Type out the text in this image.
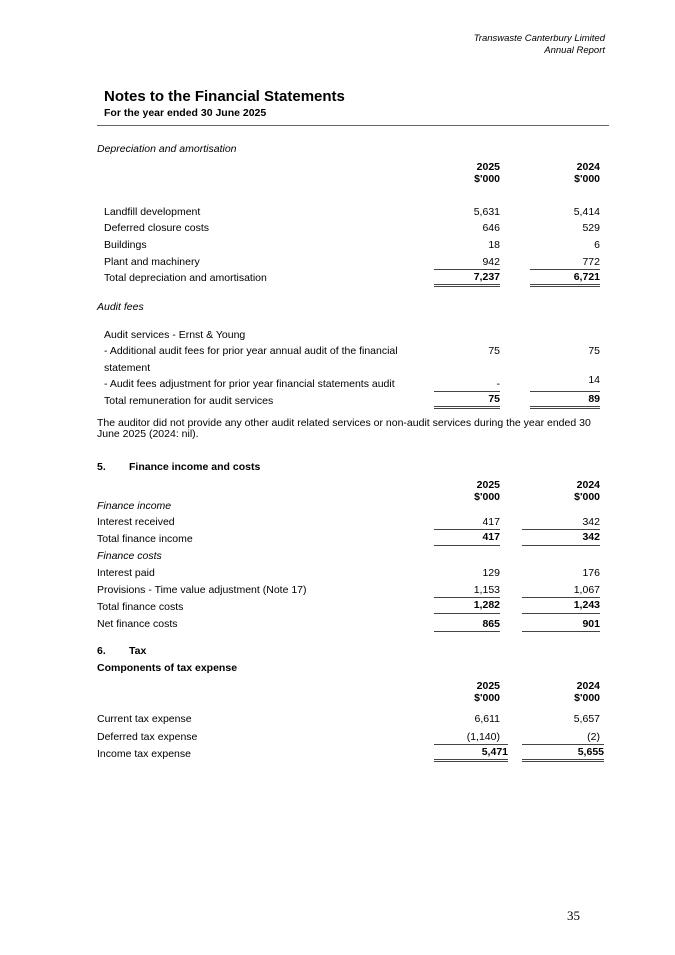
Transwaste Canterbury Limited
Annual Report
Notes to the Financial Statements
For the year ended 30 June 2025
Depreciation and amortisation
2025
$'000
2024
$'000
Landfill development	5,631	5,414
Deferred closure costs	646	529
Buildings	18	6
Plant and machinery	942	772
Total depreciation and amortisation	7,237	6,721
Audit fees
Audit services - Ernst & Young
- Additional audit fees for prior year annual audit of the financial
statement
75	75
- Audit fees adjustment for prior year financial statements audit	-	14
Total remuneration for audit services	75	89
The auditor did not provide any other audit related services or non-audit services during the year ended 30 June 2025 (2024: nil).
5. Finance income and costs
2025
$'000
2024
$'000
Finance income
Interest received	417	342
Total finance income	417	342
Finance costs
Interest paid	129	176
Provisions - Time value adjustment (Note 17)	1,153	1,067
Total finance costs	1,282	1,243
Net finance costs	865	901
6. Tax
Components of tax expense
2025
$'000
2024
$'000
Current tax expense	6,611	5,657
Deferred tax expense	(1,140)	(2)
Income tax expense	5,471	5,655
35
